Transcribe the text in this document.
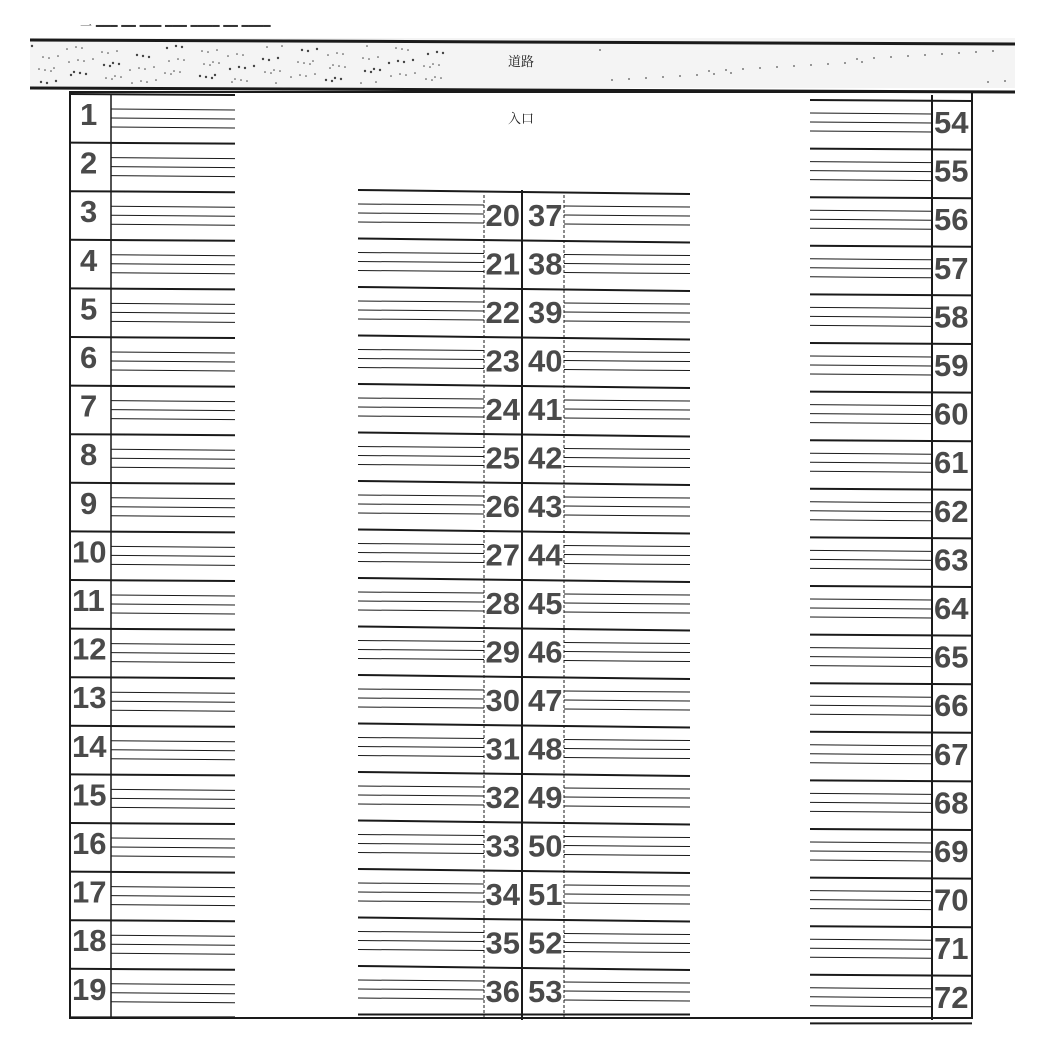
一 ━━━ ━━ ━━━ ━━━ ━━━━ ━━ ━━━━
道路
入口
1
2
3
4
5
6
7
8
9
10
11
12
13
14
15
16
17
18
19
20 37
21 38
22 39
23 40
24 41
25 42
26 43
27 44
28 45
29 46
30 47
31 48
32 49
33 50
34 51
35 52
36 53
54
55
56
57
58
59
60
61
62
63
64
65
66
67
68
69
70
71
72
